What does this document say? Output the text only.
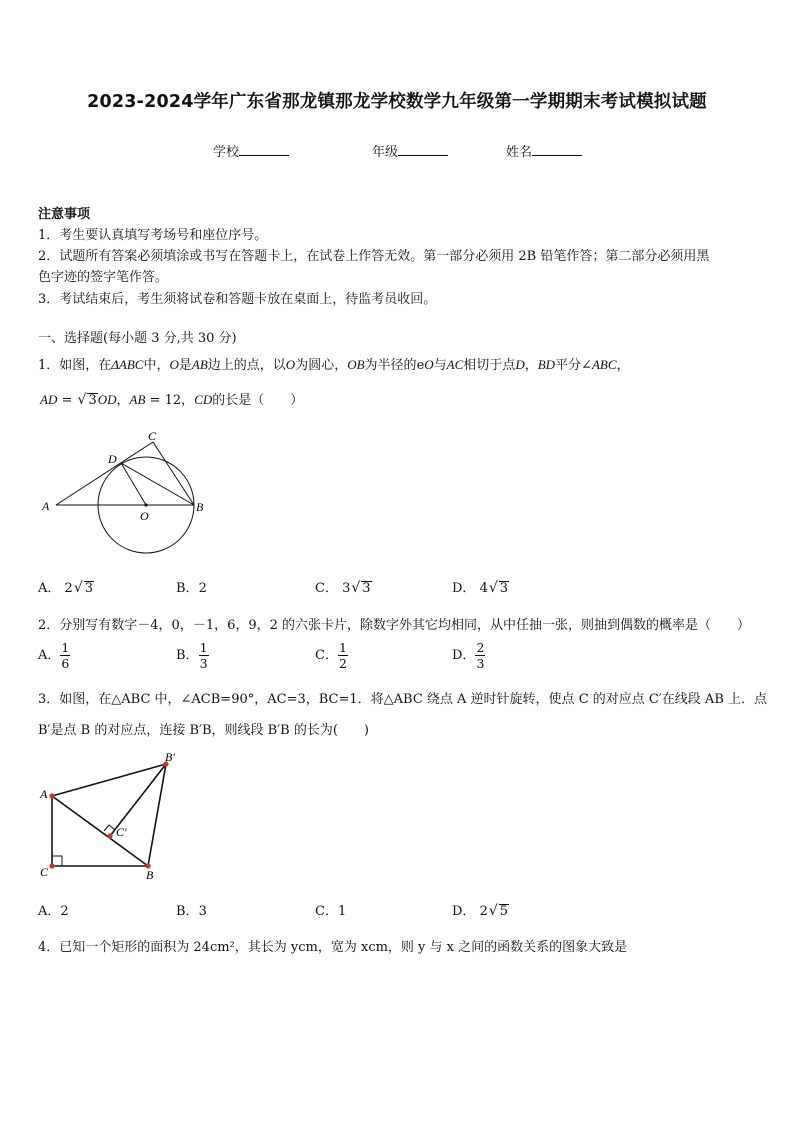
2023-2024学年广东省那龙镇那龙学校数学九年级第一学期期末考试模拟试题
学校	年级	姓名
注意事项
1．考生要认真填写考场号和座位序号。
2．试题所有答案必须填涂或书写在答题卡上，在试卷上作答无效。第一部分必须用 2B 铅笔作答；第二部分必须用黑
色字迹的签字笔作答。
3．考试结束后，考生须将试卷和答题卡放在桌面上，待监考员收回。
一、选择题(每小题 3 分,共 30 分)
1．如图，在ΔABC中，O是AB边上的点，以O为圆心，OB为半径的eO与AC相切于点D，BD平分∠ABC，
AD = √ 3OD，AB = 12，CD的长是（　　）
A	B
C
D
O
A． 2√ 3	B．2	C． 3√ 3	D． 4√ 3
2．分别写有数字－4，0，－1，6，9，2 的六张卡片，除数字外其它均相同，从中任抽一张，则抽到偶数的概率是（　　）
A． $\frac{1}{6}$	B． $\frac{1}{3}$	C． $\frac{1}{2}$	D． $\frac{2}{3}$
3．如图，在△ABC 中，∠ACB=90°，AC=3，BC=1．将△ABC 绕点 A 逆时针旋转，使点 C 的对应点 C′在线段 AB 上．点
B′是点 B 的对应点，连接 B′B，则线段 B′B 的长为(　　)
A
C	B
B′
C′
A．2	B．3	C．1	D． 2√ 5
4．已知一个矩形的面积为 24cm²，其长为 ycm，宽为 xcm，则 y 与 x 之间的函数关系的图象大致是
